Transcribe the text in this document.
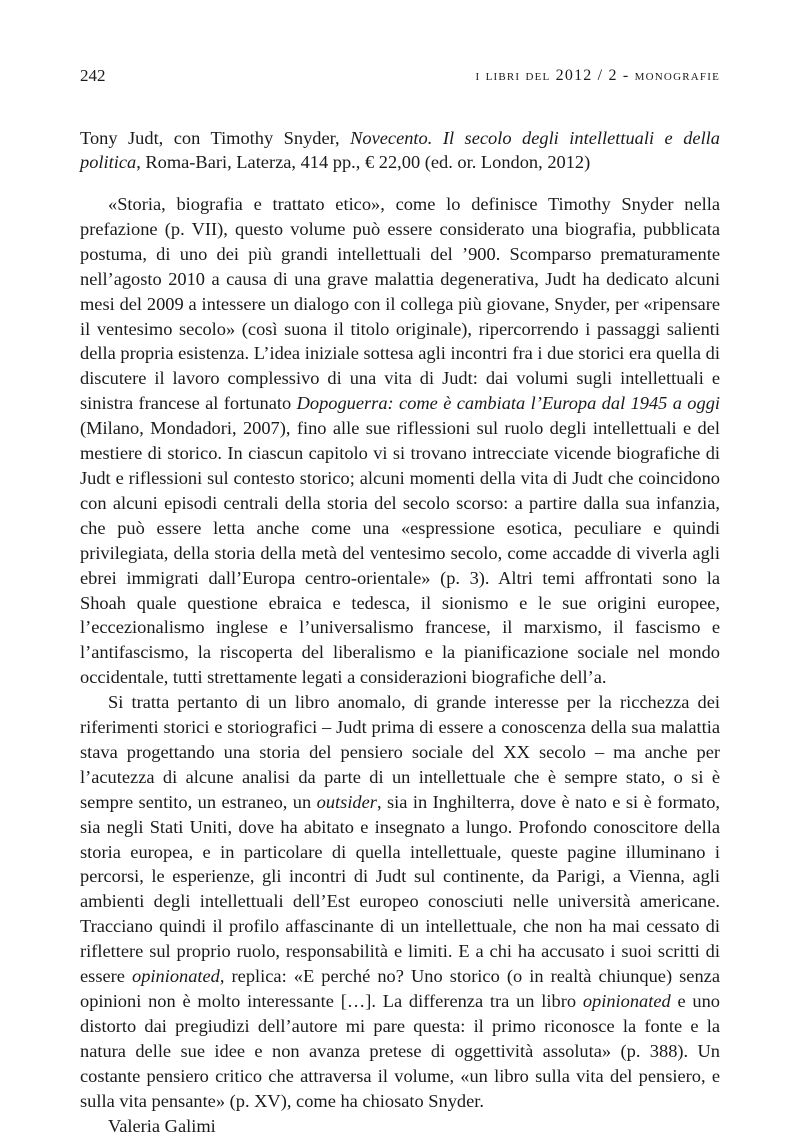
242	i libri del 2012 / 2 - monografie
Tony Judt, con Timothy Snyder, Novecento. Il secolo degli intellettuali e della politica, Roma-Bari, Laterza, 414 pp., € 22,00 (ed. or. London, 2012)

«Storia, biografia e trattato etico», come lo definisce Timothy Snyder nella prefazione (p. VII), questo volume può essere considerato una biografia, pubblicata postuma, di uno dei più grandi intellettuali del ’900. Scomparso prematuramente nell’agosto 2010 a causa di una grave malattia degenerativa, Judt ha dedicato alcuni mesi del 2009 a intessere un dialogo con il collega più giovane, Snyder, per «ripensare il ventesimo secolo» (così suona il titolo originale), ripercorrendo i passaggi salienti della propria esistenza. L’idea iniziale sottesa agli incontri fra i due storici era quella di discutere il lavoro complessivo di una vita di Judt: dai volumi sugli intellettuali e sinistra francese al fortunato Dopoguerra: come è cambiata l’Europa dal 1945 a oggi (Milano, Mondadori, 2007), fino alle sue riflessioni sul ruolo degli intellettuali e del mestiere di storico. In ciascun capitolo vi si trovano intrecciate vicende biografiche di Judt e riflessioni sul contesto storico; alcuni momenti della vita di Judt che coincidono con alcuni episodi centrali della storia del secolo scorso: a partire dalla sua infanzia, che può essere letta anche come una «espressione esotica, peculiare e quindi privilegiata, della storia della metà del ventesimo secolo, come accadde di viverla agli ebrei immigrati dall’Europa centro-orientale» (p. 3). Altri temi affrontati sono la Shoah quale questione ebraica e tedesca, il sionismo e le sue origini europee, l’eccezionalismo inglese e l’universalismo francese, il marxismo, il fascismo e l’antifascismo, la riscoperta del liberalismo e la pianificazione sociale nel mondo occidentale, tutti strettamente legati a considerazioni biografiche dell’a.

Si tratta pertanto di un libro anomalo, di grande interesse per la ricchezza dei riferimenti storici e storiografici – Judt prima di essere a conoscenza della sua malattia stava progettando una storia del pensiero sociale del XX secolo – ma anche per l’acutezza di alcune analisi da parte di un intellettuale che è sempre stato, o si è sempre sentito, un estraneo, un outsider, sia in Inghilterra, dove è nato e si è formato, sia negli Stati Uniti, dove ha abitato e insegnato a lungo. Profondo conoscitore della storia europea, e in particolare di quella intellettuale, queste pagine illuminano i percorsi, le esperienze, gli incontri di Judt sul continente, da Parigi, a Vienna, agli ambienti degli intellettuali dell’Est europeo conosciuti nelle università americane. Tracciano quindi il profilo affascinante di un intellettuale, che non ha mai cessato di riflettere sul proprio ruolo, responsabilità e limiti. E a chi ha accusato i suoi scritti di essere opinionated, replica: «E perché no? Uno storico (o in realtà chiunque) senza opinioni non è molto interessante […]. La differenza tra un libro opinionated e uno distorto dai pregiudizi dell’autore mi pare questa: il primo riconosce la fonte e la natura delle sue idee e non avanza pretese di oggettività assoluta» (p. 388). Un costante pensiero critico che attraversa il volume, «un libro sulla vita del pensiero, e sulla vita pensante» (p. XV), come ha chiosato Snyder.

Valeria Galimi
